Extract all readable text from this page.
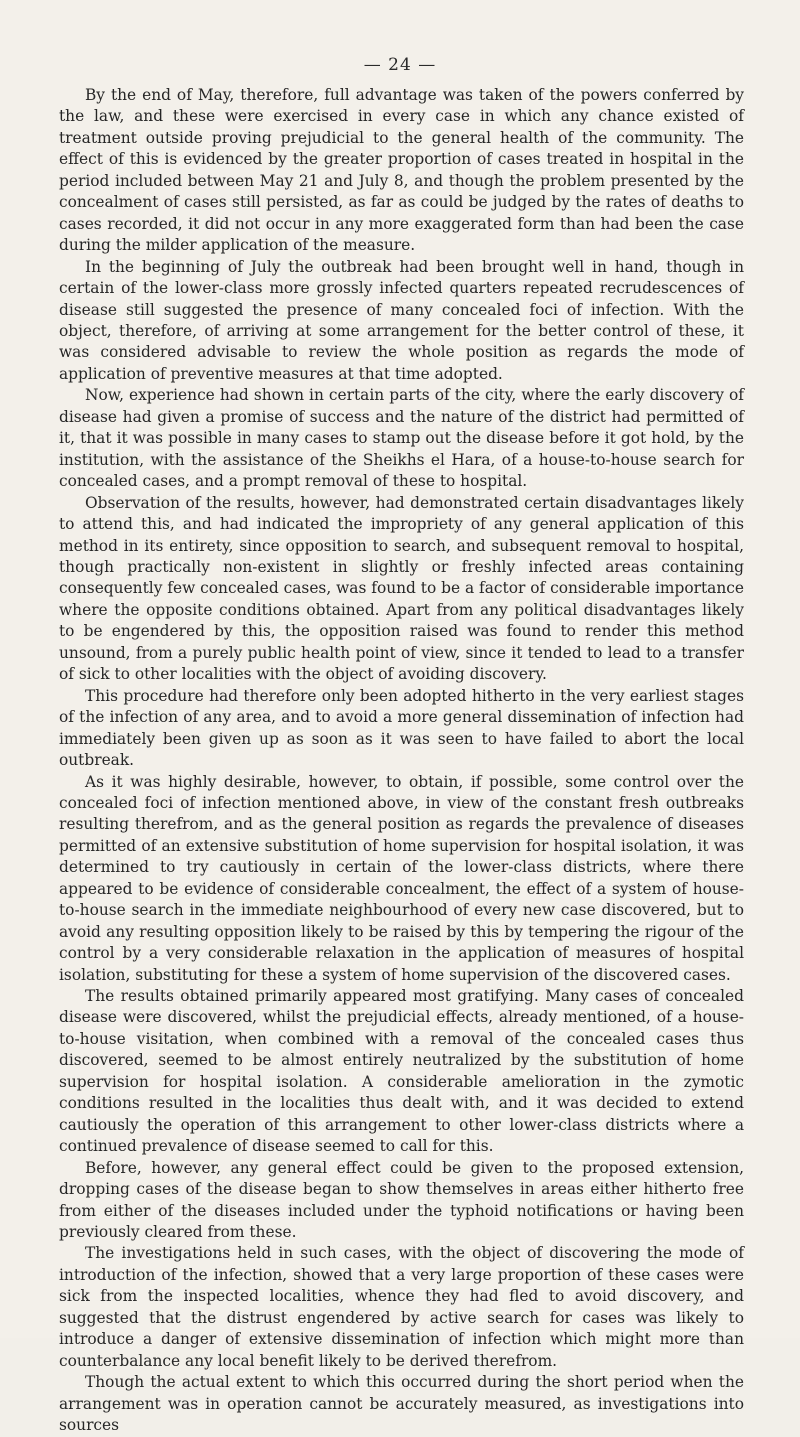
— 24 —

By the end of May, therefore, full advantage was taken of the powers conferred by the law, and these were exercised in every case in which any chance existed of treatment outside proving prejudicial to the general health of the community. The effect of this is evidenced by the greater proportion of cases treated in hospital in the period included between May 21 and July 8, and though the problem presented by the concealment of cases still persisted, as far as could be judged by the rates of deaths to cases recorded, it did not occur in any more exaggerated form than had been the case during the milder application of the measure.

In the beginning of July the outbreak had been brought well in hand, though in certain of the lower-class more grossly infected quarters repeated recrudescences of disease still suggested the presence of many concealed foci of infection. With the object, therefore, of arriving at some arrangement for the better control of these, it was considered advisable to review the whole position as regards the mode of application of preventive measures at that time adopted.

Now, experience had shown in certain parts of the city, where the early discovery of disease had given a promise of success and the nature of the district had permitted of it, that it was possible in many cases to stamp out the disease before it got hold, by the institution, with the assistance of the Sheikhs el Hara, of a house-to-house search for concealed cases, and a prompt removal of these to hospital.

Observation of the results, however, had demonstrated certain disadvantages likely to attend this, and had indicated the impropriety of any general application of this method in its entirety, since opposition to search, and subsequent removal to hospital, though practically non-existent in slightly or freshly infected areas containing consequently few concealed cases, was found to be a factor of considerable importance where the opposite conditions obtained. Apart from any political disadvantages likely to be engendered by this, the opposition raised was found to render this method unsound, from a purely public health point of view, since it tended to lead to a transfer of sick to other localities with the object of avoiding discovery.

This procedure had therefore only been adopted hitherto in the very earliest stages of the infection of any area, and to avoid a more general dissemination of infection had immediately been given up as soon as it was seen to have failed to abort the local outbreak.

As it was highly desirable, however, to obtain, if possible, some control over the concealed foci of infection mentioned above, in view of the constant fresh outbreaks resulting therefrom, and as the general position as regards the prevalence of diseases permitted of an extensive substitution of home supervision for hospital isolation, it was determined to try cautiously in certain of the lower-class districts, where there appeared to be evidence of considerable concealment, the effect of a system of house-to-house search in the immediate neighbourhood of every new case discovered, but to avoid any resulting opposition likely to be raised by this by tempering the rigour of the control by a very considerable relaxation in the application of measures of hospital isolation, substituting for these a system of home supervision of the discovered cases.

The results obtained primarily appeared most gratifying. Many cases of concealed disease were discovered, whilst the prejudicial effects, already mentioned, of a house-to-house visitation, when combined with a removal of the concealed cases thus discovered, seemed to be almost entirely neutralized by the substitution of home supervision for hospital isolation. A considerable amelioration in the zymotic conditions resulted in the localities thus dealt with, and it was decided to extend cautiously the operation of this arrangement to other lower-class districts where a continued prevalence of disease seemed to call for this.

Before, however, any general effect could be given to the proposed extension, dropping cases of the disease began to show themselves in areas either hitherto free from either of the diseases included under the typhoid notifications or having been previously cleared from these.

The investigations held in such cases, with the object of discovering the mode of introduction of the infection, showed that a very large proportion of these cases were sick from the inspected localities, whence they had fled to avoid discovery, and suggested that the distrust engendered by active search for cases was likely to introduce a danger of extensive dissemination of infection which might more than counterbalance any local benefit likely to be derived therefrom.

Though the actual extent to which this occurred during the short period when the arrangement was in operation cannot be accurately measured, as investigations into sources
